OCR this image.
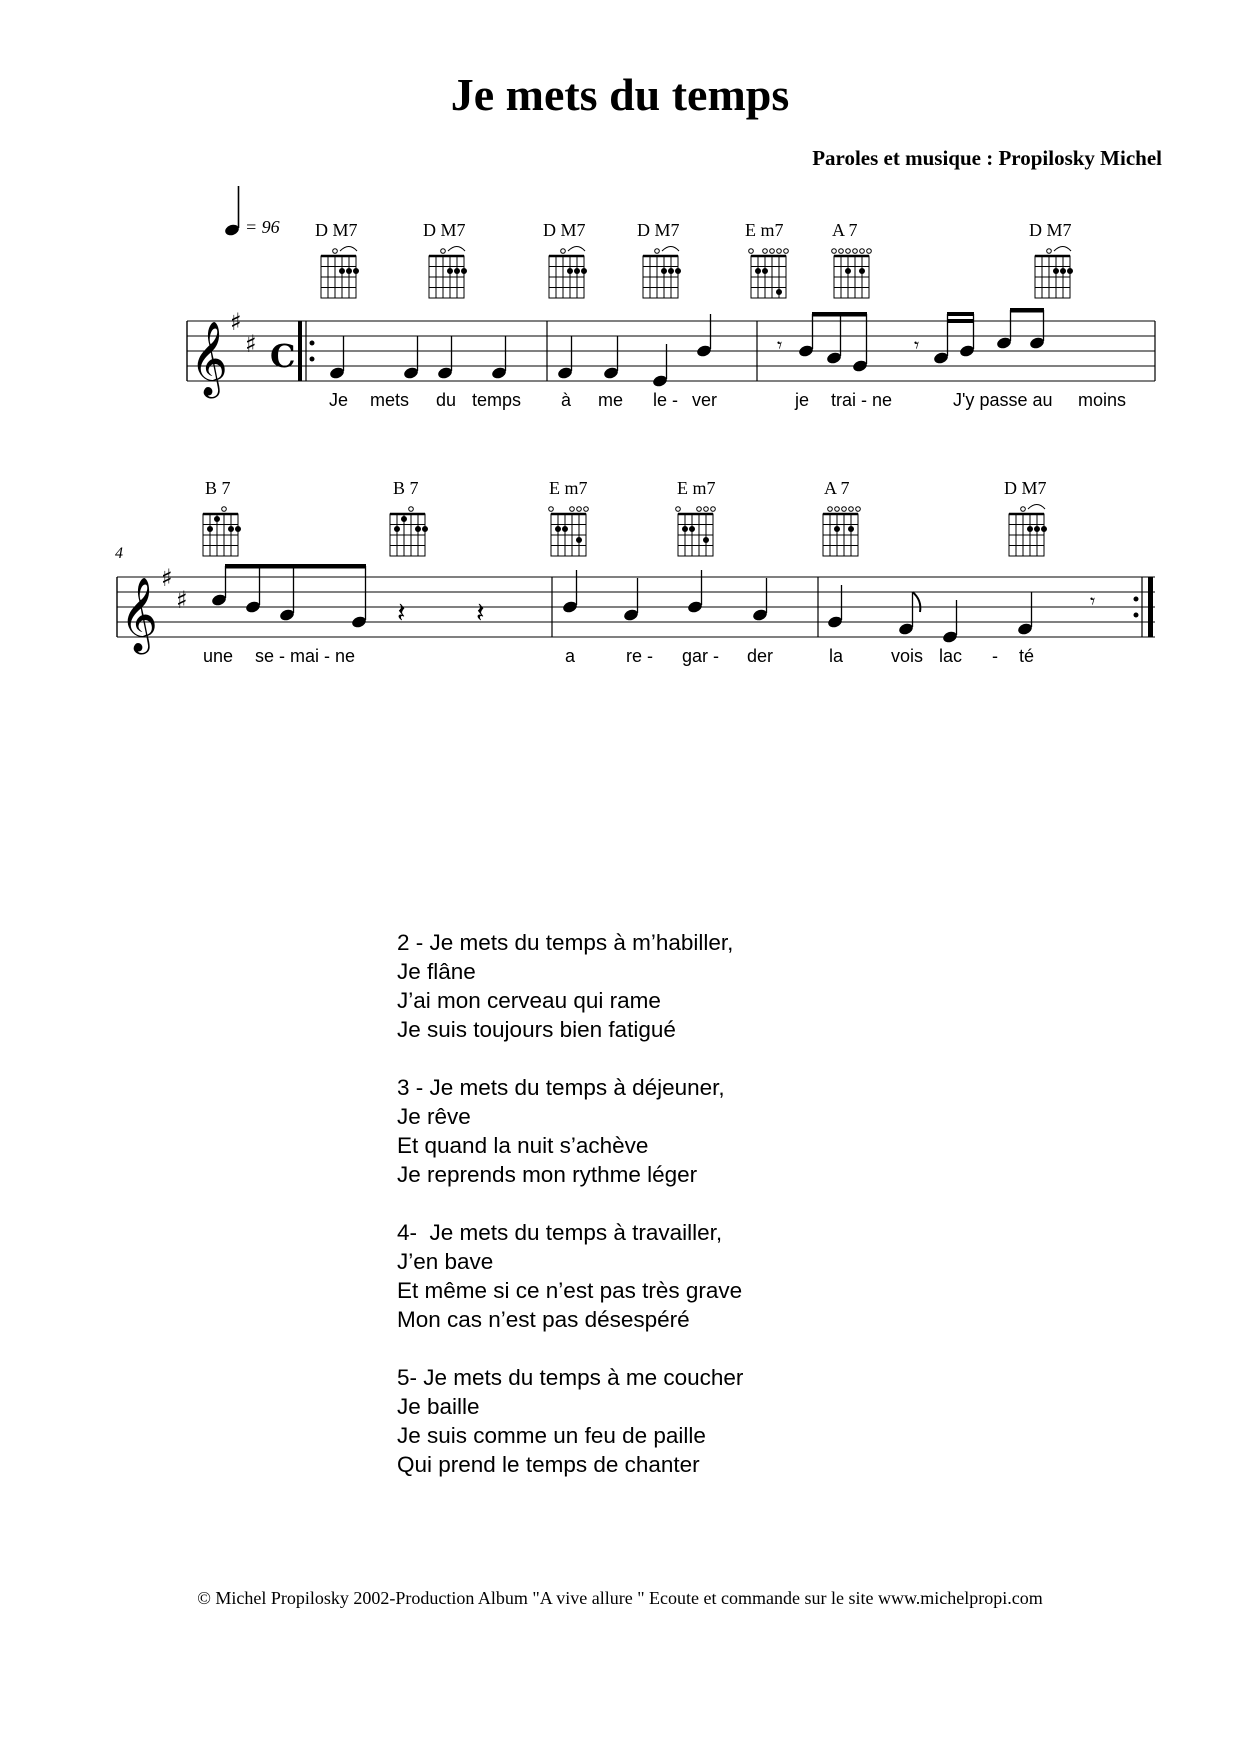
Je mets du temps
Paroles et musique : Propilosky Michel
= 96
𝄞 ♯
♯ C	𝄾	𝄾
D M7	D M7	D M7	D M7	E m7	A 7	D M7
Je mets du temps à me le - ver	je trai - ne	J'y passe au moins
4
𝄞 ♯
♯	𝄽	𝄽	𝄾
B 7	B 7	E m7	E m7	A 7	D M7
une se - mai - ne	a	re - gar - der	la	vois lac - té
2 - Je mets du temps à m’habiller,
Je flâne
J’ai mon cerveau qui rame
Je suis toujours bien fatigué
3 - Je mets du temps à déjeuner,
Je rêve
Et quand la nuit s’achève
Je reprends mon rythme léger
4-  Je mets du temps à travailler,
J’en bave
Et même si ce n’est pas très grave
Mon cas n’est pas désespéré
5- Je mets du temps à me coucher
Je baille
Je suis comme un feu de paille
Qui prend le temps de chanter
© Michel Propilosky 2002-Production Album "A vive allure " Ecoute et commande sur le site www.michelpropi.com
